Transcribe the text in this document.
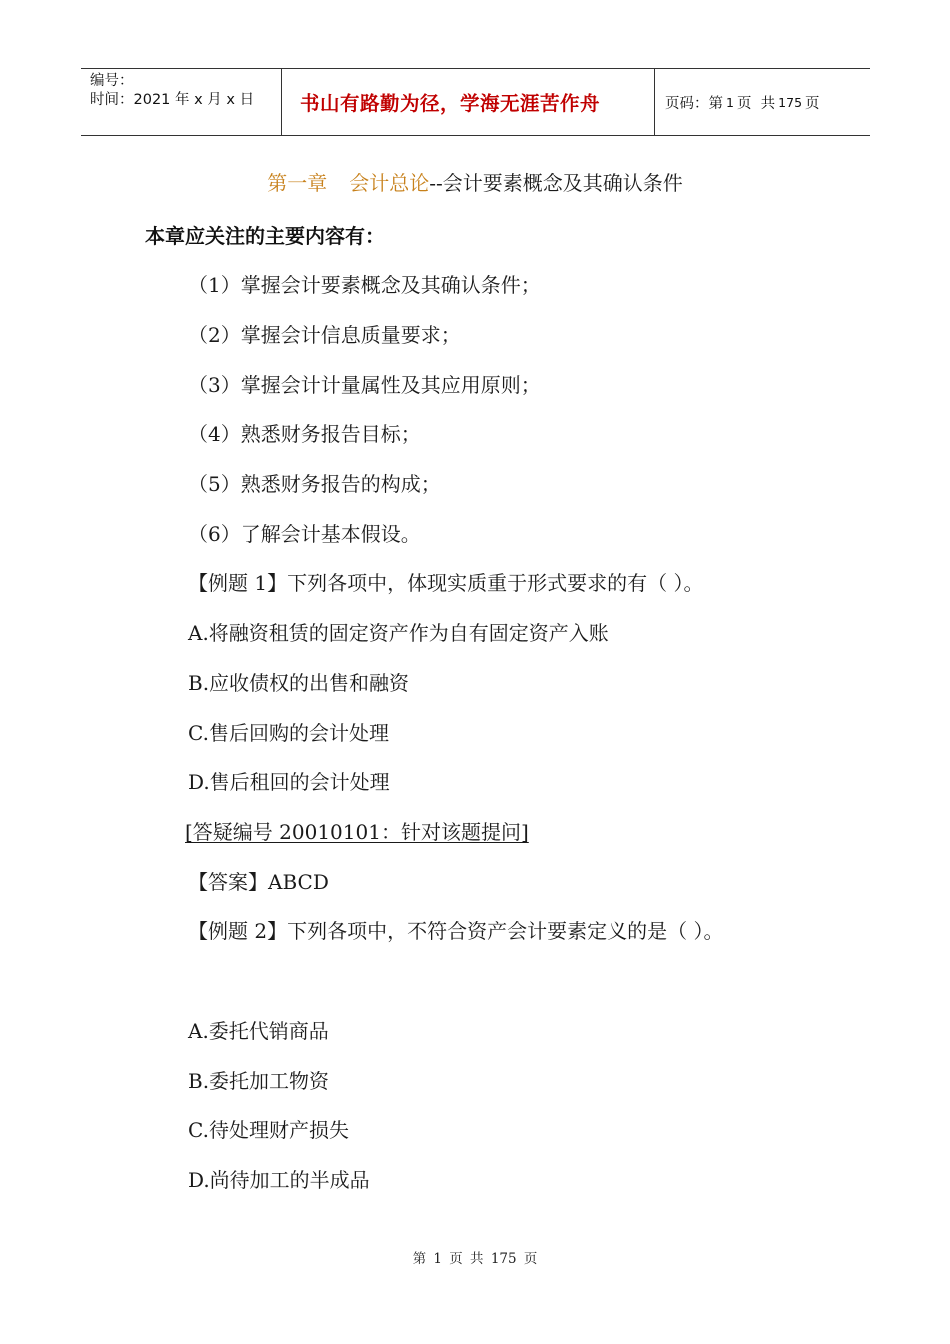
编号：
时间：2021 年 x 月 x 日	书山有路勤为径，学海无涯苦作舟	页码：第 1 页  共 175 页
第一章 会计总论--会计要素概念及其确认条件
本章应关注的主要内容有：
（1）掌握会计要素概念及其确认条件；
（2）掌握会计信息质量要求；
（3）掌握会计计量属性及其应用原则；
（4）熟悉财务报告目标；
（5）熟悉财务报告的构成；
（6）了解会计基本假设。
【例题 1】下列各项中，体现实质重于形式要求的有（ ）。
A.将融资租赁的固定资产作为自有固定资产入账
B.应收债权的出售和融资
C.售后回购的会计处理
D.售后租回的会计处理
[答疑编号 20010101：针对该题提问]
【答案】ABCD
【例题 2】下列各项中，不符合资产会计要素定义的是（ ）。
A.委托代销商品
B.委托加工物资
C.待处理财产损失
D.尚待加工的半成品
第 1 页 共 175 页
